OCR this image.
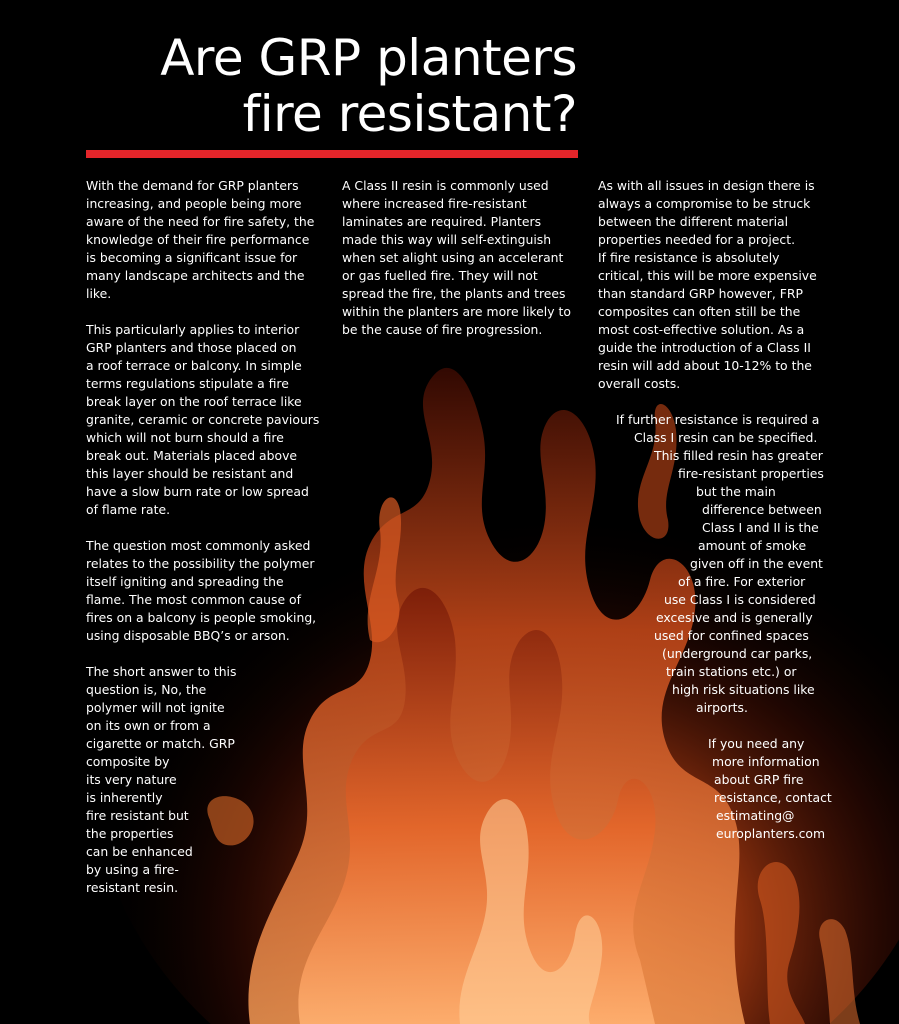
Are GRP planters
fire resistant?

With the demand for GRP planters
increasing, and people being more
aware of the need for fire safety, the
knowledge of their fire performance
is becoming a significant issue for
many landscape architects and the
like.

This particularly applies to interior
GRP planters and those placed on
a roof terrace or balcony. In simple
terms regulations stipulate a fire
break layer on the roof terrace like
granite, ceramic or concrete paviours
which will not burn should a fire
break out. Materials placed above
this layer should be resistant and
have a slow burn rate or low spread
of flame rate.

The question most commonly asked
relates to the possibility the polymer
itself igniting and spreading the
flame. The most common cause of
fires on a balcony is people smoking,
using disposable BBQ’s or arson.

The short answer to this
question is, No, the
polymer will not ignite
on its own or from a
cigarette or match. GRP
composite by
its very nature
is inherently
fire resistant but
the properties
can be enhanced
by using a fire-
resistant resin.

A Class II resin is commonly used
where increased fire-resistant
laminates are required. Planters
made this way will self-extinguish
when set alight using an accelerant
or gas fuelled fire. They will not
spread the fire, the plants and trees
within the planters are more likely to
be the cause of fire progression.

As with all issues in design there is
always a compromise to be struck
between the different material
properties needed for a project.
If fire resistance is absolutely
critical, this will be more expensive
than standard GRP however, FRP
composites can often still be the
most cost-effective solution. As a
guide the introduction of a Class II
resin will add about 10-12% to the
overall costs.

If further resistance is required a
Class I resin can be specified.
This filled resin has greater
fire-resistant properties
but the main
difference between
Class I and II is the
amount of smoke
given off in the event
of a fire. For exterior
use Class I is considered
excesive and is generally
used for confined spaces
(underground car parks,
train stations etc.) or
high risk situations like
airports.

If you need any
more information
about GRP fire
resistance, contact
estimating@
europlanters.com
